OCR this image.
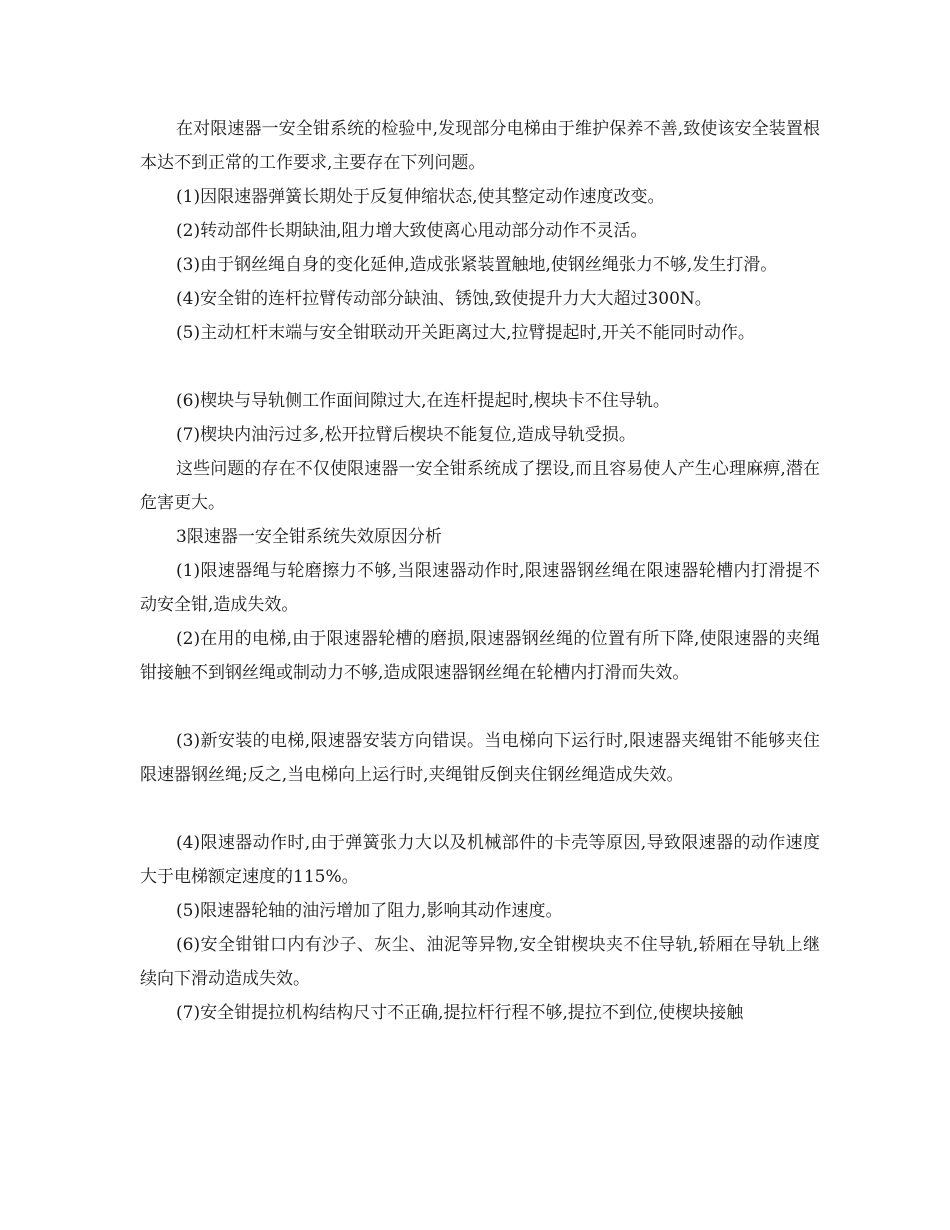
在对限速器一安全钳系统的检验中,发现部分电梯由于维护保养不善,致使该安全装置根本达不到正常的工作要求,主要存在下列问题。

(1)因限速器弹簧长期处于反复伸缩状态,使其整定动作速度改变。

(2)转动部件长期缺油,阻力增大致使离心甩动部分动作不灵活。

(3)由于钢丝绳自身的变化延伸,造成张紧装置触地,使钢丝绳张力不够,发生打滑。

(4)安全钳的连杆拉臂传动部分缺油、锈蚀,致使提升力大大超过300N。

(5)主动杠杆末端与安全钳联动开关距离过大,拉臂提起时,开关不能同时动作。

(6)楔块与导轨侧工作面间隙过大,在连杆提起时,楔块卡不住导轨。

(7)楔块内油污过多,松开拉臂后楔块不能复位,造成导轨受损。

这些问题的存在不仅使限速器一安全钳系统成了摆设,而且容易使人产生心理麻痹,潜在危害更大。

3限速器一安全钳系统失效原因分析

(1)限速器绳与轮磨擦力不够,当限速器动作时,限速器钢丝绳在限速器轮槽内打滑提不动安全钳,造成失效。

(2)在用的电梯,由于限速器轮槽的磨损,限速器钢丝绳的位置有所下降,使限速器的夹绳钳接触不到钢丝绳或制动力不够,造成限速器钢丝绳在轮槽内打滑而失效。

(3)新安装的电梯,限速器安装方向错误。当电梯向下运行时,限速器夹绳钳不能够夹住限速器钢丝绳;反之,当电梯向上运行时,夹绳钳反倒夹住钢丝绳造成失效。

(4)限速器动作时,由于弹簧张力大以及机械部件的卡壳等原因,导致限速器的动作速度大于电梯额定速度的115%。

(5)限速器轮轴的油污增加了阻力,影响其动作速度。

(6)安全钳钳口内有沙子、灰尘、油泥等异物,安全钳楔块夹不住导轨,轿厢在导轨上继续向下滑动造成失效。

(7)安全钳提拉机构结构尺寸不正确,提拉杆行程不够,提拉不到位,使楔块接触
